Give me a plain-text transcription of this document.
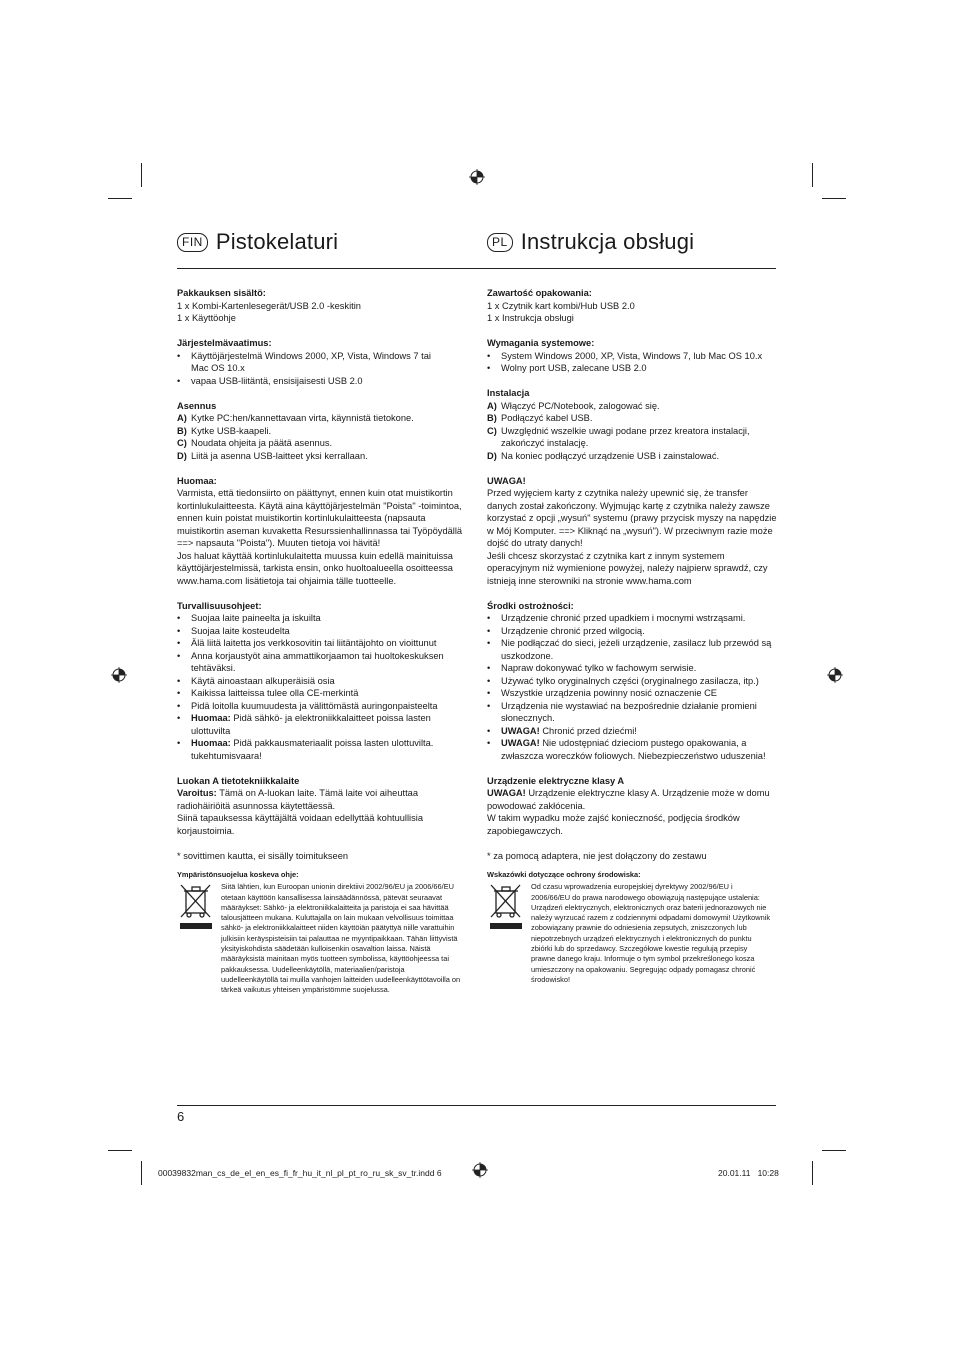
FIN Pistokelaturi	PL Instrukcja obsługi

Pakkauksen sisältö:

1 x Kombi-Kartenlesegerät/USB 2.0 -keskitin

1 x Käyttöohje

Järjestelmävaatimus:

• Käyttöjärjestelmä Windows 2000, XP, Vista, Windows 7 tai Mac OS 10.x
• vapaa USB-liitäntä, ensisijaisesti USB 2.0

Asennus

A) Kytke PC:hen/kannettavaan virta, käynnistä tietokone.
B) Kytke USB-kaapeli.
C) Noudata ohjeita ja päätä asennus.
D) Liitä ja asenna USB-laitteet yksi kerrallaan.

Huomaa:

Varmista, että tiedonsiirto on päättynyt, ennen kuin otat muistikortin kortinlukulaitteesta. Käytä aina käyttöjärjestelmän "Poista" -toimintoa, ennen kuin poistat muistikortin kortinlukulaitteesta (napsauta muistikortin aseman kuvaketta Resurssienhallinnassa tai Työpöydällä ==> napsauta "Poista"). Muuten tietoja voi hävitä!

Jos haluat käyttää kortinlukulaitetta muussa kuin edellä mainituissa käyttöjärjestelmissä, tarkista ensin, onko huoltoalueella osoitteessa www.hama.com lisätietoja tai ohjaimia tälle tuotteelle.

Turvallisuusohjeet:

• Suojaa laite paineelta ja iskuilta
• Suojaa laite kosteudelta
• Älä liitä laitetta jos verkkosovitin tai liitäntäjohto on vioittunut
• Anna korjaustyöt aina ammattikorjaamon tai huoltokeskuksen tehtäväksi.
• Käytä ainoastaan alkuperäisiä osia
• Kaikissa laitteissa tulee olla CE-merkintä
• Pidä loitolla kuumuudesta ja välittömästä auringonpaisteelta
• Huomaa: Pidä sähkö- ja elektroniikkalaitteet poissa lasten ulottuvilta
• Huomaa: Pidä pakkausmateriaalit poissa lasten ulottuvilta. tukehtumisvaara!

Luokan A tietotekniikkalaite

Varoitus: Tämä on A-luokan laite. Tämä laite voi aiheuttaa radiohäiriöitä asunnossa käytettäessä.

Siinä tapauksessa käyttäjältä voidaan edellyttää kohtuullisia korjaustoimia.

* sovittimen kautta, ei sisälly toimitukseen

Ympäristönsuojelua koskeva ohje:

Siitä lähtien, kun Euroopan unionin direktiivi 2002/96/EU ja 2006/66/EU otetaan käyttöön kansallisessa lainsäädännössä, pätevät seuraavat määräykset: Sähkö- ja elektroniikkalaitteita ja paristoja ei saa hävittää talousjätteen mukana. Kuluttajalla on lain mukaan velvollisuus toimittaa sähkö- ja elektroniikkalaitteet niiden käyttöiän päätyttyä niille varattuihin julkisiin keräyspisteisiin tai palauttaa ne myyntipaikkaan. Tähän liittyvistä yksityiskohdista säädetään kulloisenkin osavaltion laissa. Näistä määräyksistä mainitaan myös tuotteen symbolissa, käyttöohjeessa tai pakkauksessa. Uudelleenkäytöllä, materiaalien/paristoja uudelleenkäytöllä tai muilla vanhojen laitteiden uudelleenkäyttötavoilla on tärkeä vaikutus yhteisen ympäristömme suojelussa.

Zawartość opakowania:

1 x Czytnik kart kombi/Hub USB 2.0

1 x Instrukcja obsługi

Wymagania systemowe:

• System Windows 2000, XP, Vista, Windows 7, lub Mac OS 10.x
• Wolny port USB, zalecane USB 2.0

Instalacja

A) Włączyć PC/Notebook, zalogować się.
B) Podłączyć kabel USB.
C) Uwzględnić wszelkie uwagi podane przez kreatora instalacji, zakończyć instalację.
D) Na koniec podłączyć urządzenie USB i zainstalować.

UWAGA!

Przed wyjęciem karty z czytnika należy upewnić się, że transfer danych został zakończony. Wyjmując kartę z czytnika należy zawsze korzystać z opcji „wysuń" systemu (prawy przycisk myszy na napędzie w Mój Komputer. ==> Kliknąć na „wysuń"). W przeciwnym razie może dojść do utraty danych!

Jeśli chcesz skorzystać z czytnika kart z innym systemem operacyjnym niż wymienione powyżej, należy najpierw sprawdź, czy istnieją inne sterowniki na stronie www.hama.com

Środki ostrożności:

• Urządzenie chronić przed upadkiem i mocnymi wstrząsami.
• Urządzenie chronić przed wilgocią.
• Nie podłączać do sieci, jeżeli urządzenie, zasilacz lub przewód są uszkodzone.
• Napraw dokonywać tylko w fachowym serwisie.
• Używać tylko oryginalnych części (oryginalnego zasilacza, itp.)
• Wszystkie urządzenia powinny nosić oznaczenie CE
• Urządzenia nie wystawiać na bezpośrednie działanie promieni słonecznych.
• UWAGA! Chronić przed dziećmi!
• UWAGA! Nie udostępniać dzieciom pustego opakowania, a zwłaszcza woreczków foliowych. Niebezpieczeństwo uduszenia!

Urządzenie elektryczne klasy A

UWAGA! Urządzenie elektryczne klasy A. Urządzenie może w domu powodować zakłócenia.

W takim wypadku może zajść konieczność, podjęcia środków zapobiegawczych.

* za pomocą adaptera, nie jest dołączony do zestawu

Wskazówki dotyczące ochrony środowiska:

Od czasu wprowadzenia europejskiej dyrektywy 2002/96/EU i 2006/66/EU do prawa narodowego obowiązują następujące ustalenia: Urządzeń elektrycznych, elektronicznych oraz baterii jednorazowych nie należy wyrzucać razem z codziennymi odpadami domowymi! Użytkownik zobowiązany prawnie do odniesienia zepsutych, zniszczonych lub niepotrzebnych urządzeń elektrycznych i elektronicznych do punktu zbiórki lub do sprzedawcy. Szczegółowe kwestie regulują przepisy prawne danego kraju. Informuje o tym symbol przekreślonego kosza umieszczony na opakowaniu. Segregując odpady pomagasz chronić środowisko!

6
00039832man_cs_de_el_en_es_fi_fr_hu_it_nl_pl_pt_ro_ru_sk_sv_tr.indd 6	20.01.11 10:28
